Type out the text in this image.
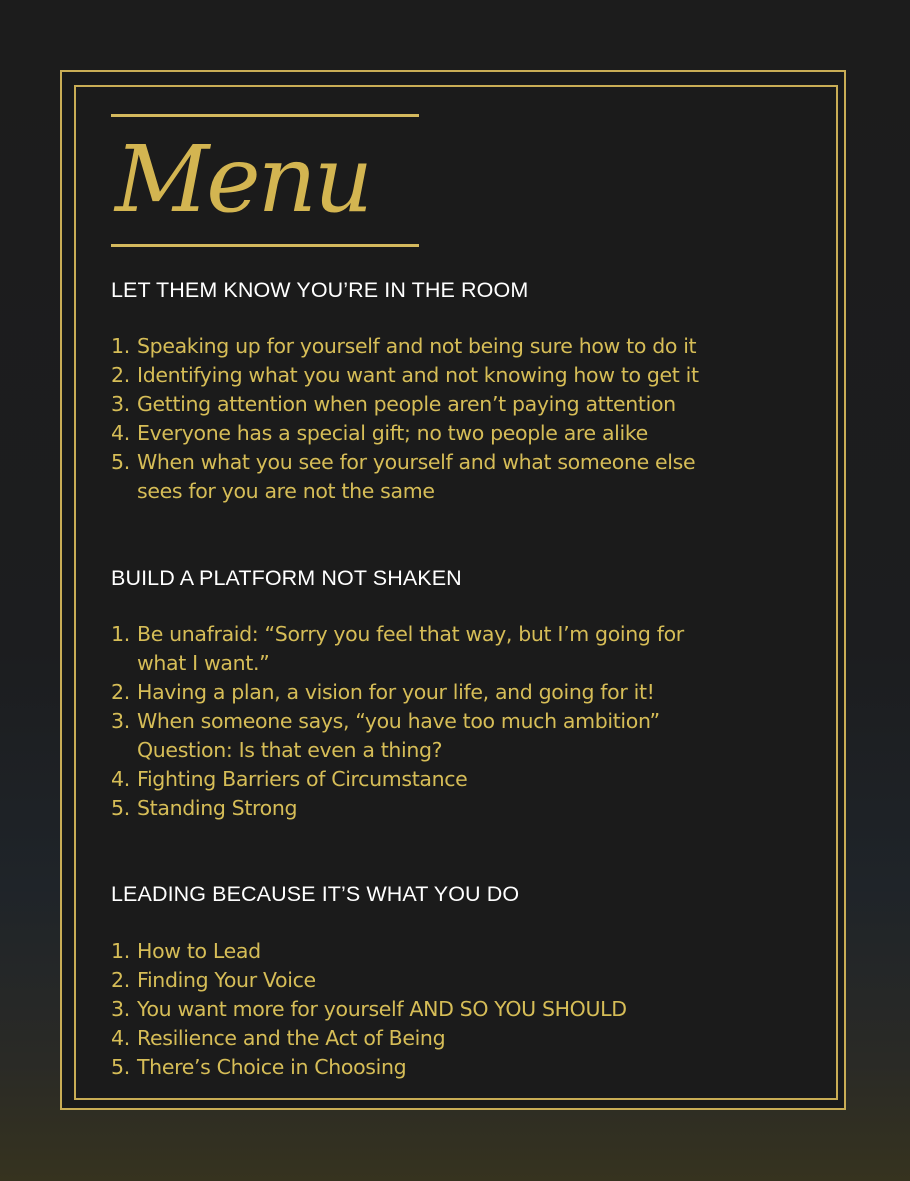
Menu
LET THEM KNOW YOU’RE IN THE ROOM
1. Speaking up for yourself and not being sure how to do it
2. Identifying what you want and not knowing how to get it
3. Getting attention when people aren’t paying attention
4. Everyone has a special gift; no two people are alike
5. When what you see for yourself and what someone else
sees for you are not the same
BUILD A PLATFORM NOT SHAKEN
1. Be unafraid: “Sorry you feel that way, but I’m going for
what I want.”
2. Having a plan, a vision for your life, and going for it!
3. When someone says, “you have too much ambition”
Question: Is that even a thing?
4. Fighting Barriers of Circumstance
5. Standing Strong
LEADING BECAUSE IT’S WHAT YOU DO
1. How to Lead
2. Finding Your Voice
3. You want more for yourself AND SO YOU SHOULD
4. Resilience and the Act of Being
5. There’s Choice in Choosing
